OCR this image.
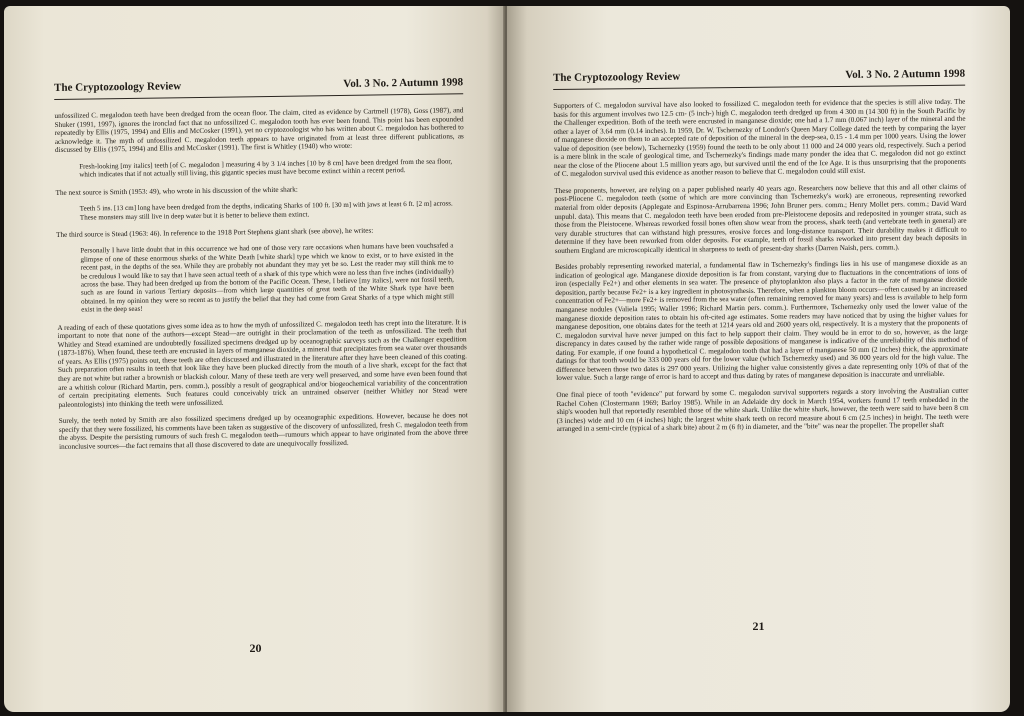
The Cryptozoology Review	Vol. 3 No. 2 Autumn 1998

unfossilized C. megalodon teeth have been dredged from the ocean floor. The claim, cited as evidence by Cartmell (1978), Goss (1987), and Shuker (1991, 1997), ignores the ironclad fact that no unfossilized C. megalodon tooth has ever been found. This point has been expounded repeatedly by Ellis (1975, 1994) and Ellis and McCosker (1991), yet no cryptozoologist who has written about C. megalodon has bothered to acknowledge it. The myth of unfossilized C. megalodon teeth appears to have originated from at least three different publications, as discussed by Ellis (1975, 1994) and Ellis and McCosker (1991). The first is Whitley (1940) who wrote:

Fresh-looking [my italics] teeth [of C. megalodon ] measuring 4 by 3 1/4 inches [10 by 8 cm] have been dredged from the sea floor, which indicates that if not actually still living, this gigantic species must have become extinct within a recent period.

The next source is Smith (1953: 49), who wrote in his discussion of the white shark:

Teeth 5 ins. [13 cm] long have been dredged from the depths, indicating Sharks of 100 ft. [30 m] with jaws at least 6 ft. [2 m] across. These monsters may still live in deep water but it is better to believe them extinct.

The third source is Stead (1963: 46). In reference to the 1918 Port Stephens giant shark (see above), he writes:

Personally I have little doubt that in this occurrence we had one of those very rare occasions when humans have been vouchsafed a glimpse of one of these enormous sharks of the White Death [white shark] type which we know to exist, or to have existed in the recent past, in the depths of the sea. While they are probably not abundant they may yet be so. Lest the reader may still think me to be credulous I would like to say that I have seen actual teeth of a shark of this type which were no less than five inches (individually) across the base. They had been dredged up from the bottom of the Pacific Ocean. These, I believe [my italics], were not fossil teeth, such as are found in various Tertiary deposits—from which large quantities of great teeth of the White Shark type have been obtained. In my opinion they were so recent as to justify the belief that they had come from Great Sharks of a type which might still exist in the deep seas!

A reading of each of these quotations gives some idea as to how the myth of unfossilized C. megalodon teeth has crept into the literature. It is important to note that none of the authors—except Stead—are outright in their proclamation of the teeth as unfossilized. The teeth that Whitley and Stead examined are undoubtedly fossilized specimens dredged up by oceanographic surveys such as the Challenger expedition (1873-1876). When found, these teeth are encrusted in layers of manganese dioxide, a mineral that precipitates from sea water over thousands of years. As Ellis (1975) points out, these teeth are often discussed and illustrated in the literature after they have been cleaned of this coating. Such preparation often results in teeth that look like they have been plucked directly from the mouth of a live shark, except for the fact that they are not white but rather a brownish or blackish colour. Many of these teeth are very well preserved, and some have even been found that are a whitish colour (Richard Martin, pers. comm.), possibly a result of geographical and/or biogeochemical variability of the concentration of certain precipitating elements. Such features could conceivably trick an untrained observer (neither Whitley nor Stead were paleontologists) into thinking the teeth were unfossilized.

Surely, the teeth noted by Smith are also fossilized specimens dredged up by oceanographic expeditions. However, because he does not specify that they were fossilized, his comments have been taken as suggestive of the discovery of unfossilized, fresh C. megalodon teeth from the abyss. Despite the persisting rumours of such fresh C. megalodon teeth—rumours which appear to have originated from the above three inconclusive sources—the fact remains that all those discovered to date are unequivocally fossilized.

20
The Cryptozoology Review	Vol. 3 No. 2 Autumn 1998

Supporters of C. megalodon survival have also looked to fossilized C. megalodon teeth for evidence that the species is still alive today. The basis for this argument involves two 12.5 cm- (5 inch-) high C. megalodon teeth dredged up from 4 300 m (14 300 ft) in the South Pacific by the Challenger expedition. Both of the teeth were encrusted in manganese dioxide; one had a 1.7 mm (0.067 inch) layer of the mineral and the other a layer of 3.64 mm (0.14 inches). In 1959, Dr. W. Tschernezky of London's Queen Mary College dated the teeth by comparing the layer of manganese dioxide on them to an accepted rate of deposition of the mineral in the deep-sea, 0.15 - 1.4 mm per 1000 years. Using the lower value of deposition (see below), Tschernezky (1959) found the teeth to be only about 11 000 and 24 000 years old, respectively. Such a period is a mere blink in the scale of geological time, and Tschernezky's findings made many ponder the idea that C. megalodon did not go extinct near the close of the Pliocene about 1.5 million years ago, but survived until the end of the Ice Age. It is thus unsurprising that the proponents of C. megalodon survival used this evidence as another reason to believe that C. megalodon could still exist.

These proponents, however, are relying on a paper published nearly 40 years ago. Researchers now believe that this and all other claims of post-Pliocene C. megalodon teeth (some of which are more convincing than Tschernezky's work) are erroneous, representing reworked material from older deposits (Applegate and Espinosa-Arrubarrena 1996; John Bruner pers. comm.; Henry Mollet pers. comm.; David Ward unpubl. data). This means that C. megalodon teeth have been eroded from pre-Pleistocene deposits and redeposited in younger strata, such as those from the Pleistocene. Whereas reworked fossil bones often show wear from the process, shark teeth (and vertebrate teeth in general) are very durable structures that can withstand high pressures, erosive forces and long-distance transport. Their durability makes it difficult to determine if they have been reworked from older deposits. For example, teeth of fossil sharks reworked into present day beach deposits in southern England are microscopically identical in sharpness to teeth of present-day sharks (Darren Naish, pers. comm.).

Besides probably representing reworked material, a fundamental flaw in Tschernezky's findings lies in his use of manganese dioxide as an indication of geological age. Manganese dioxide deposition is far from constant, varying due to fluctuations in the concentrations of ions of iron (especially Fe2+) and other elements in sea water. The presence of phytoplankton also plays a factor in the rate of manganese dioxide deposition, partly because Fe2+ is a key ingredient in photosynthesis. Therefore, when a plankton bloom occurs—often caused by an increased concentration of Fe2+—more Fe2+ is removed from the sea water (often remaining removed for many years) and less is available to help form manganese nodules (Valiela 1995; Waller 1996; Richard Martin pers. comm.). Furthermore, Tschernezky only used the lower value of the manganese dioxide deposition rates to obtain his oft-cited age estimates. Some readers may have noticed that by using the higher values for manganese deposition, one obtains dates for the teeth at 1214 years old and 2600 years old, respectively. It is a mystery that the proponents of C. megalodon survival have never jumped on this fact to help support their claim. They would be in error to do so, however, as the large discrepancy in dates caused by the rather wide range of possible depositions of manganese is indicative of the unreliability of this method of dating. For example, if one found a hypothetical C. megalodon tooth that had a layer of manganese 50 mm (2 inches) thick, the approximate datings for that tooth would be 333 000 years old for the lower value (which Tschernezky used) and 36 000 years old for the high value. The difference between those two dates is 297 000 years. Utilizing the higher value consistently gives a date representing only 10% of that of the lower value. Such a large range of error is hard to accept and thus dating by rates of manganese deposition is inaccurate and unreliable.

One final piece of tooth "evidence" put forward by some C. megalodon survival supporters regards a story involving the Australian cutter Rachel Cohen (Clostermann 1969; Barloy 1985). While in an Adelaide dry dock in March 1954, workers found 17 teeth embedded in the ship's wooden hull that reportedly resembled those of the white shark. Unlike the white shark, however, the teeth were said to have been 8 cm (3 inches) wide and 10 cm (4 inches) high; the largest white shark teeth on record measure about 6 cm (2.5 inches) in height. The teeth were arranged in a semi-circle (typical of a shark bite) about 2 m (6 ft) in diameter, and the "bite" was near the propeller. The propeller shaft

21
